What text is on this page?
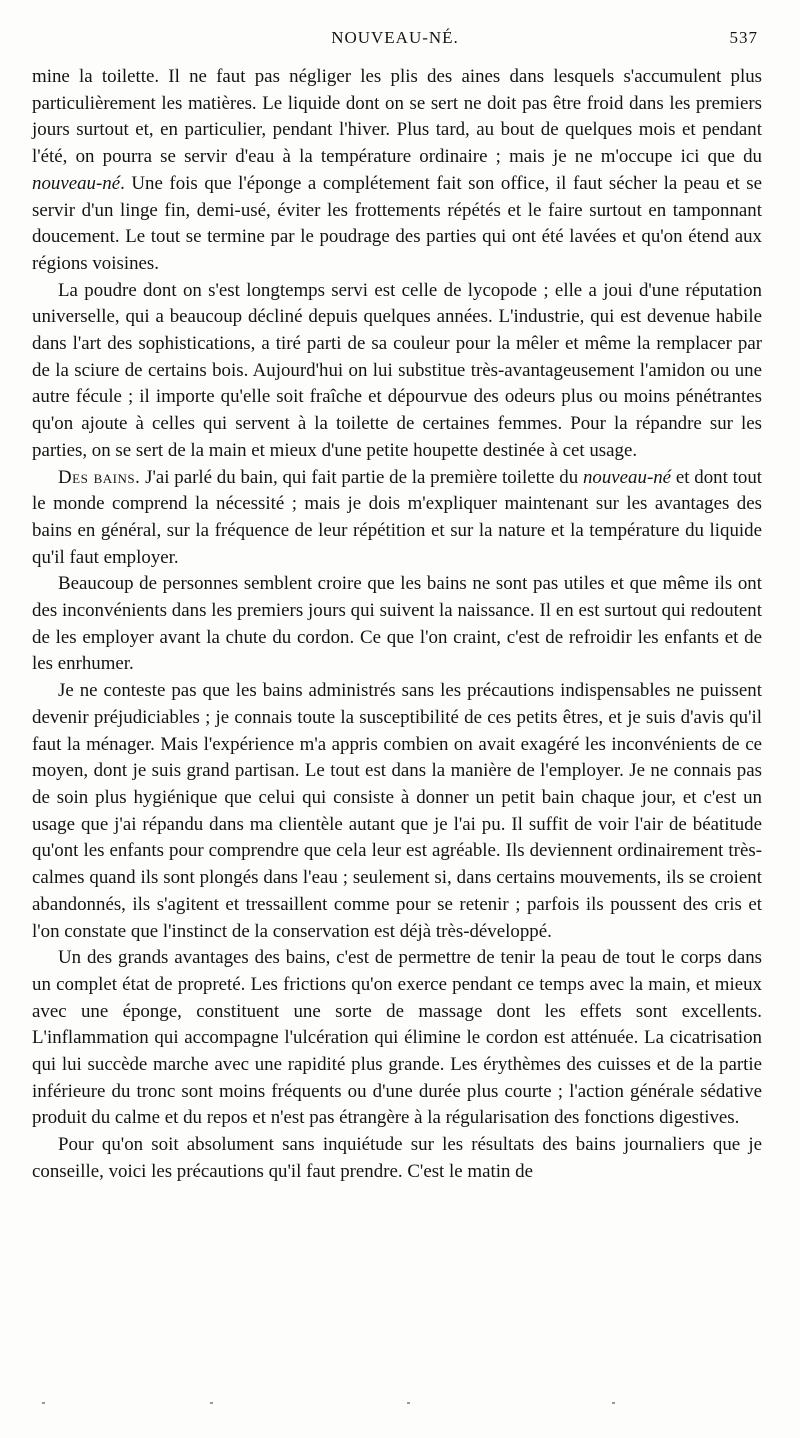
NOUVEAU-NÉ.	537

mine la toilette. Il ne faut pas négliger les plis des aines dans lesquels s'accumulent plus particulièrement les matières. Le liquide dont on se sert ne doit pas être froid dans les premiers jours surtout et, en particulier, pendant l'hiver. Plus tard, au bout de quelques mois et pendant l'été, on pourra se servir d'eau à la température ordinaire ; mais je ne m'occupe ici que du nouveau-né. Une fois que l'éponge a complétement fait son office, il faut sécher la peau et se servir d'un linge fin, demi-usé, éviter les frottements répétés et le faire surtout en tamponnant doucement. Le tout se termine par le poudrage des parties qui ont été lavées et qu'on étend aux régions voisines.

La poudre dont on s'est longtemps servi est celle de lycopode ; elle a joui d'une réputation universelle, qui a beaucoup décliné depuis quelques années. L'industrie, qui est devenue habile dans l'art des sophistications, a tiré parti de sa couleur pour la mêler et même la remplacer par de la sciure de certains bois. Aujourd'hui on lui substitue très-avantageusement l'amidon ou une autre fécule ; il importe qu'elle soit fraîche et dépourvue des odeurs plus ou moins pénétrantes qu'on ajoute à celles qui servent à la toilette de certaines femmes. Pour la répandre sur les parties, on se sert de la main et mieux d'une petite houpette destinée à cet usage.

Des bains. J'ai parlé du bain, qui fait partie de la première toilette du nouveau-né et dont tout le monde comprend la nécessité ; mais je dois m'expliquer maintenant sur les avantages des bains en général, sur la fréquence de leur répétition et sur la nature et la température du liquide qu'il faut employer.

Beaucoup de personnes semblent croire que les bains ne sont pas utiles et que même ils ont des inconvénients dans les premiers jours qui suivent la naissance. Il en est surtout qui redoutent de les employer avant la chute du cordon. Ce que l'on craint, c'est de refroidir les enfants et de les enrhumer.

Je ne conteste pas que les bains administrés sans les précautions indispensables ne puissent devenir préjudiciables ; je connais toute la susceptibilité de ces petits êtres, et je suis d'avis qu'il faut la ménager. Mais l'expérience m'a appris combien on avait exagéré les inconvénients de ce moyen, dont je suis grand partisan. Le tout est dans la manière de l'employer. Je ne connais pas de soin plus hygiénique que celui qui consiste à donner un petit bain chaque jour, et c'est un usage que j'ai répandu dans ma clientèle autant que je l'ai pu. Il suffit de voir l'air de béatitude qu'ont les enfants pour comprendre que cela leur est agréable. Ils deviennent ordinairement très-calmes quand ils sont plongés dans l'eau ; seulement si, dans certains mouvements, ils se croient abandonnés, ils s'agitent et tressaillent comme pour se retenir ; parfois ils poussent des cris et l'on constate que l'instinct de la conservation est déjà très-développé.

Un des grands avantages des bains, c'est de permettre de tenir la peau de tout le corps dans un complet état de propreté. Les frictions qu'on exerce pendant ce temps avec la main, et mieux avec une éponge, constituent une sorte de massage dont les effets sont excellents. L'inflammation qui accompagne l'ulcération qui élimine le cordon est atténuée. La cicatrisation qui lui succède marche avec une rapidité plus grande. Les érythèmes des cuisses et de la partie inférieure du tronc sont moins fréquents ou d'une durée plus courte ; l'action générale sédative produit du calme et du repos et n'est pas étrangère à la régularisation des fonctions digestives.

Pour qu'on soit absolument sans inquiétude sur les résultats des bains journaliers que je conseille, voici les précautions qu'il faut prendre. C'est le matin de
